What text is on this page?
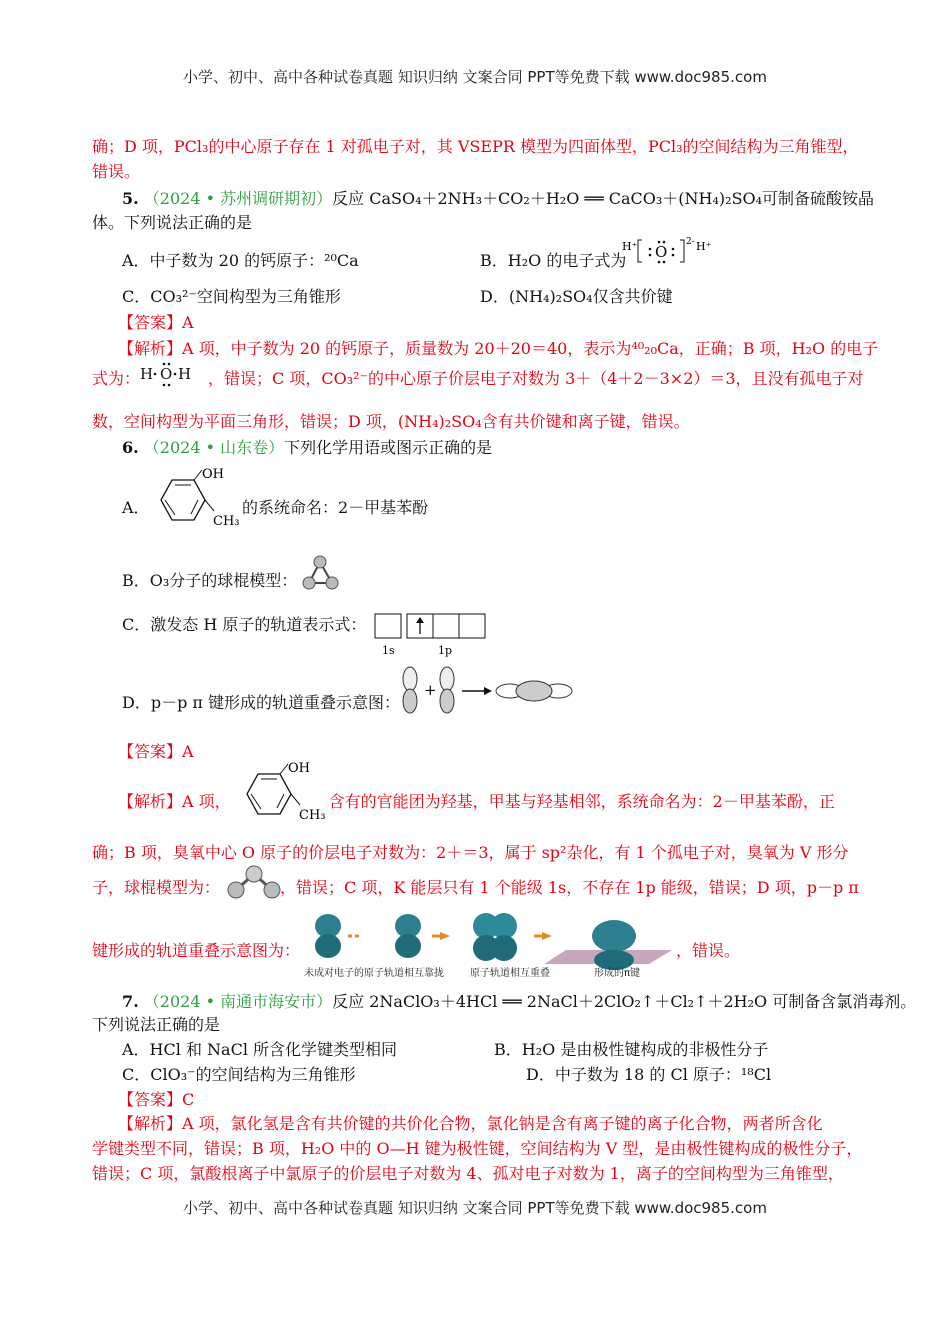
小学、初中、高中各种试卷真题 知识归纳 文案合同 PPT等免费下载 www.doc985.com
确；D 项，PCl₃的中心原子存在 1 对孤电子对，其 VSEPR 模型为四面体型，PCl₃的空间结构为三角锥型，
错误。
5. （2024 • 苏州调研期初）反应 CaSO₄＋2NH₃＋CO₂＋H₂O ══ CaCO₃＋(NH₄)₂SO₄可制备硫酸铵晶
体。下列说法正确的是
A．中子数为 20 的钙原子：²⁰Ca	B．H₂O 的电子式为
H⁺ O
2- H⁺
C．CO₃²⁻空间构型为三角锥形	D．(NH₄)₂SO₄仅含共价键
【答案】A
【解析】A 项，中子数为 20 的钙原子，质量数为 20＋20＝40，表示为⁴⁰₂₀Ca，正确；B 项，H₂O 的电子
式为：	，错误；C 项，CO₃²⁻的中心原子价层电子对数为 3＋（4＋2－3×2）＝3，且没有孤电子对
H O H
数，空间构型为平面三角形，错误；D 项，(NH₄)₂SO₄含有共价键和离子键，错误。
6. （2024 • 山东卷）下列化学用语或图示正确的是
A．
OH
CH₃
的系统命名：2－甲基苯酚
B．O₃分子的球棍模型：
C．激发态 H 原子的轨道表示式：
1s	1p
D．p－p π 键形成的轨道重叠示意图：
+
【答案】A
【解析】A 项，	含有的官能团为羟基，甲基与羟基相邻，系统命名为：2－甲基苯酚，正
OH
CH₃
确；B 项，臭氧中心 O 原子的价层电子对数为：2＋＝3，属于 sp²杂化，有 1 个孤电子对，臭氧为 V 形分
子，球棍模型为：	，错误；C 项，K 能层只有 1 个能级 1s，不存在 1p 能级，错误；D 项，p－p π
键形成的轨道重叠示意图为：	，错误。
未成对电子的原子轨道相互靠拢	原子轨道相互重叠	形成的π键
7. （2024 • 南通市海安市）反应 2NaClO₃＋4HCl ══ 2NaCl＋2ClO₂↑＋Cl₂↑＋2H₂O 可制备含氯消毒剂。
下列说法正确的是
A．HCl 和 NaCl 所含化学键类型相同	B．H₂O 是由极性键构成的非极性分子
C．ClO₃⁻的空间结构为三角锥形	D．中子数为 18 的 Cl 原子：¹⁸Cl
【答案】C
【解析】A 项，氯化氢是含有共价键的共价化合物，氯化钠是含有离子键的离子化合物，两者所含化
学键类型不同，错误；B 项，H₂O 中的 O—H 键为极性键，空间结构为 V 型，是由极性键构成的极性分子，
错误；C 项，氯酸根离子中氯原子的价层电子对数为 4、孤对电子对数为 1，离子的空间构型为三角锥型，
小学、初中、高中各种试卷真题 知识归纳 文案合同 PPT等免费下载 www.doc985.com
